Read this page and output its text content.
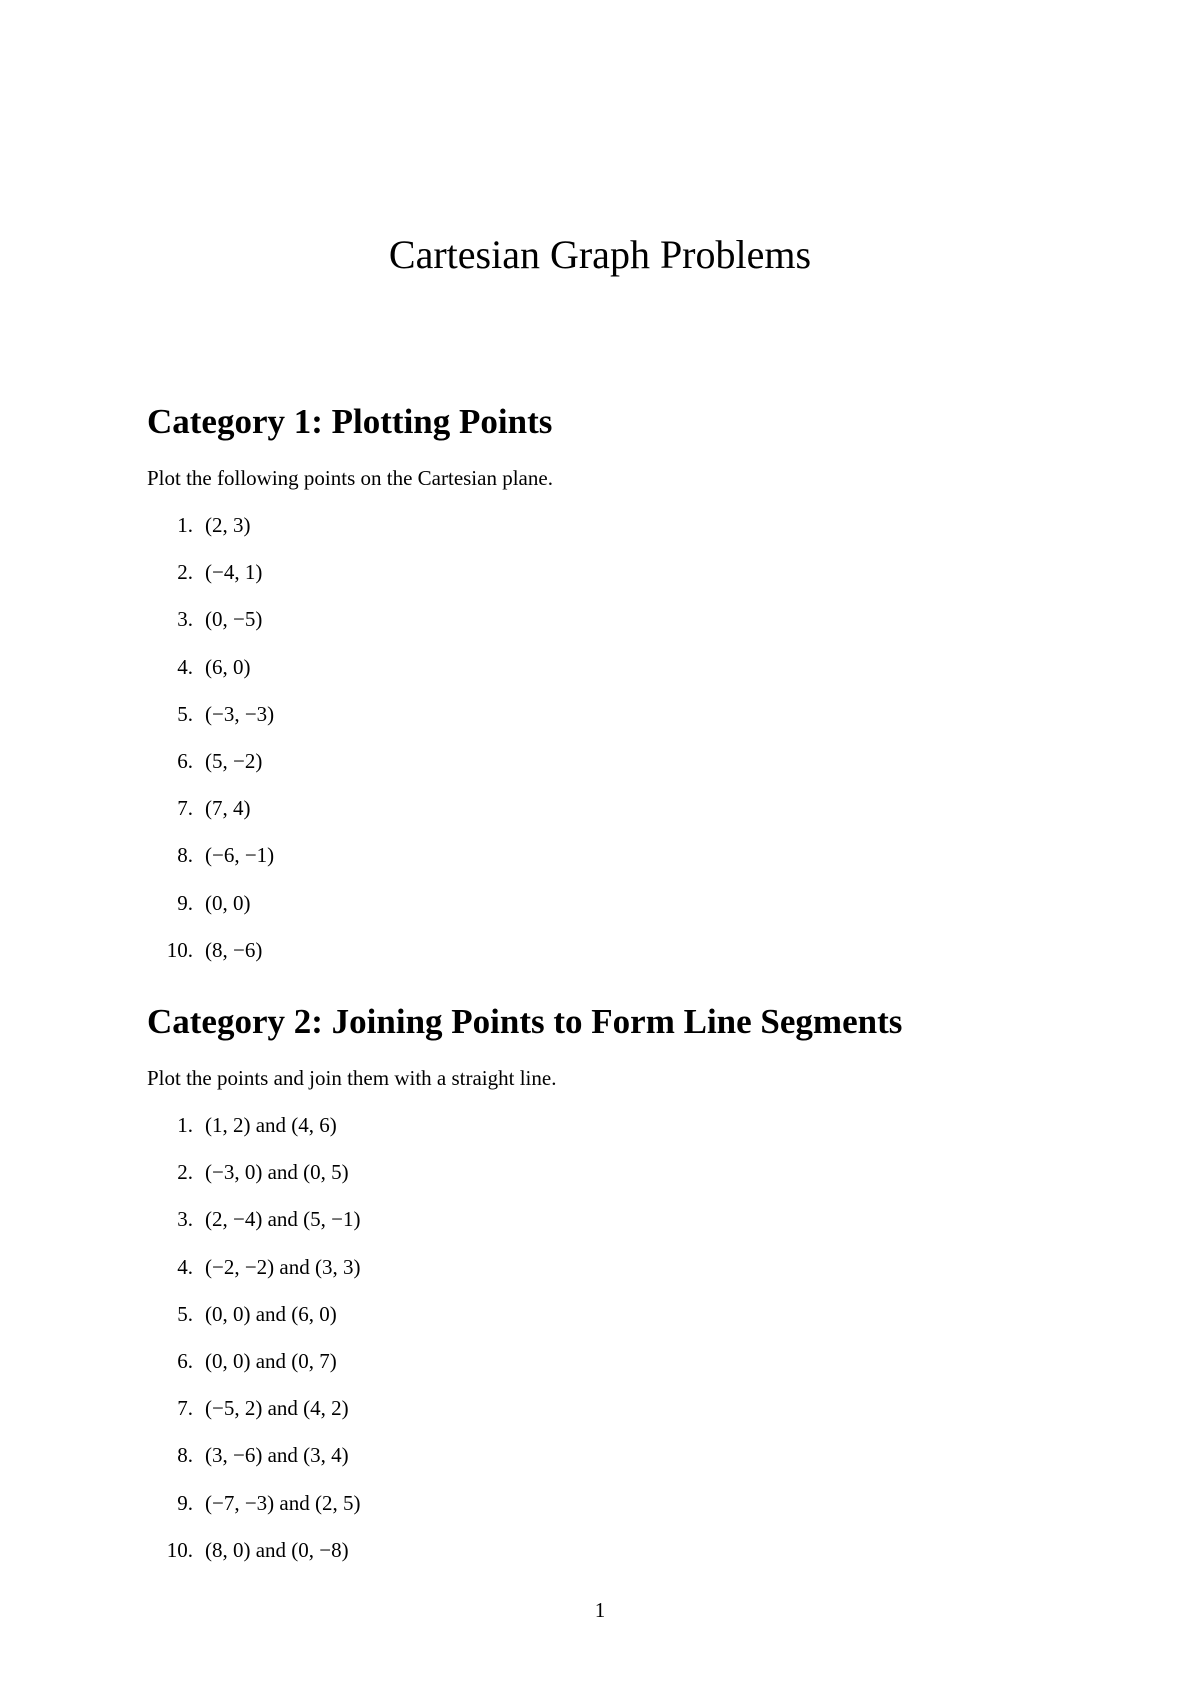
Cartesian Graph Problems
Category 1: Plotting Points

Plot the following points on the Cartesian plane.

1. (2, 3)
2. (−4, 1)
3. (0, −5)
4. (6, 0)
5. (−3, −3)
6. (5, −2)
7. (7, 4)
8. (−6, −1)
9. (0, 0)
10. (8, −6)
Category 2: Joining Points to Form Line Segments

Plot the points and join them with a straight line.

1. (1, 2) and (4, 6)
2. (−3, 0) and (0, 5)
3. (2, −4) and (5, −1)
4. (−2, −2) and (3, 3)
5. (0, 0) and (6, 0)
6. (0, 0) and (0, 7)
7. (−5, 2) and (4, 2)
8. (3, −6) and (3, 4)
9. (−7, −3) and (2, 5)
10. (8, 0) and (0, −8)
1
